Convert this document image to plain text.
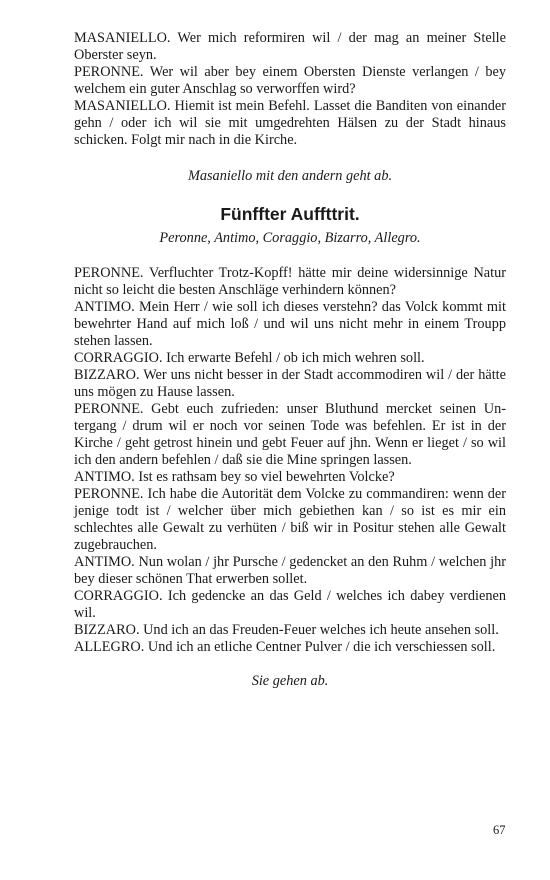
MASANIELLO. Wer mich reformiren wil / der mag an meiner Stelle Oberster seyn.

PERONNE. Wer wil aber bey einem Obersten Dienste verlangen / bey welchem ein guter Anschlag so verworffen wird?

MASANIELLO. Hiemit ist mein Befehl. Lasset die Banditen von einander gehn / oder ich wil sie mit umgedrehten Hälsen zu der Stadt hinaus schicken. Folgt mir nach in die Kirche.

Masaniello mit den andern geht ab.

Fünffter Auffttrit.

Peronne, Antimo, Coraggio, Bizarro, Allegro.

PERONNE. Verfluchter Trotz-Kopff! hätte mir deine widersinnige Natur nicht so leicht die besten Anschläge verhindern können?

ANTIMO. Mein Herr / wie soll ich dieses verstehn? das Volck kommt mit bewehrter Hand auf mich loß / und wil uns nicht mehr in einem Troupp stehen lassen.

CORRAGGIO. Ich erwarte Befehl / ob ich mich wehren soll.

BIZZARO. Wer uns nicht besser in der Stadt accommodiren wil / der hätte uns mögen zu Hause lassen.

PERONNE. Gebt euch zufrieden: unser Bluthund mercket seinen Untergang / drum wil er noch vor seinen Tode was befehlen. Er ist in der Kirche / geht getrost hinein und gebt Feuer auf jhn. Wenn er lieget / so wil ich den andern befehlen / daß sie die Mine springen lassen.

ANTIMO. Ist es rathsam bey so viel bewehrten Volcke?

PERONNE. Ich habe die Autorität dem Volcke zu commandiren: wenn der jenige todt ist / welcher über mich gebiethen kan / so ist es mir ein schlechtes alle Gewalt zu verhüten / biß wir in Positur stehen alle Gewalt zugebrauchen.

ANTIMO. Nun wolan / jhr Pursche / gedencket an den Ruhm / welchen jhr bey dieser schönen That erwerben sollet.

CORRAGGIO. Ich gedencke an das Geld / welches ich dabey verdienen wil.

BIZZARO. Und ich an das Freuden-Feuer welches ich heute ansehen soll.

ALLEGRO. Und ich an etliche Centner Pulver / die ich verschiessen soll.

Sie gehen ab.

67
